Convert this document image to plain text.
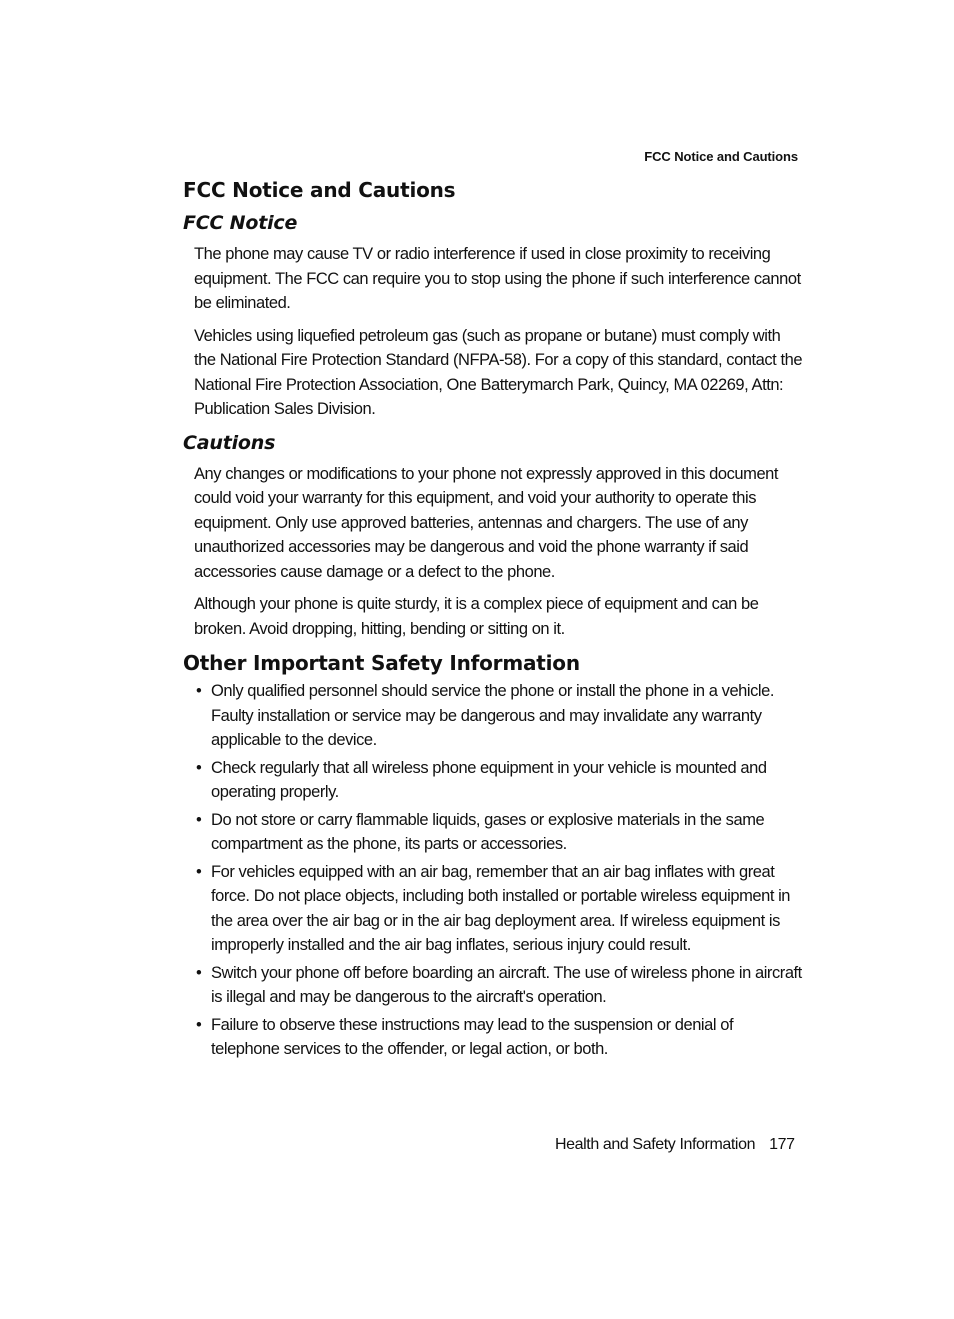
FCC Notice and Cautions
FCC Notice and Cautions
FCC Notice

The phone may cause TV or radio interference if used in close proximity to receiving equipment. The FCC can require you to stop using the phone if such interference cannot be eliminated.

Vehicles using liquefied petroleum gas (such as propane or butane) must comply with the National Fire Protection Standard (NFPA-58). For a copy of this standard, contact the National Fire Protection Association, One Batterymarch Park, Quincy, MA 02269, Attn: Publication Sales Division.

Cautions

Any changes or modifications to your phone not expressly approved in this document could void your warranty for this equipment, and void your authority to operate this equipment. Only use approved batteries, antennas and chargers. The use of any unauthorized accessories may be dangerous and void the phone warranty if said accessories cause damage or a defect to the phone.

Although your phone is quite sturdy, it is a complex piece of equipment and can be broken. Avoid dropping, hitting, bending or sitting on it.

Other Important Safety Information
• Only qualified personnel should service the phone or install the phone in a vehicle. Faulty installation or service may be dangerous and may invalidate any warranty applicable to the device.
• Check regularly that all wireless phone equipment in your vehicle is mounted and operating properly.
• Do not store or carry flammable liquids, gases or explosive materials in the same compartment as the phone, its parts or accessories.
• For vehicles equipped with an air bag, remember that an air bag inflates with great force. Do not place objects, including both installed or portable wireless equipment in the area over the air bag or in the air bag deployment area. If wireless equipment is improperly installed and the air bag inflates, serious injury could result.
• Switch your phone off before boarding an aircraft. The use of wireless phone in aircraft is illegal and may be dangerous to the aircraft's operation.
• Failure to observe these instructions may lead to the suspension or denial of telephone services to the offender, or legal action, or both.
Health and Safety Information 177
